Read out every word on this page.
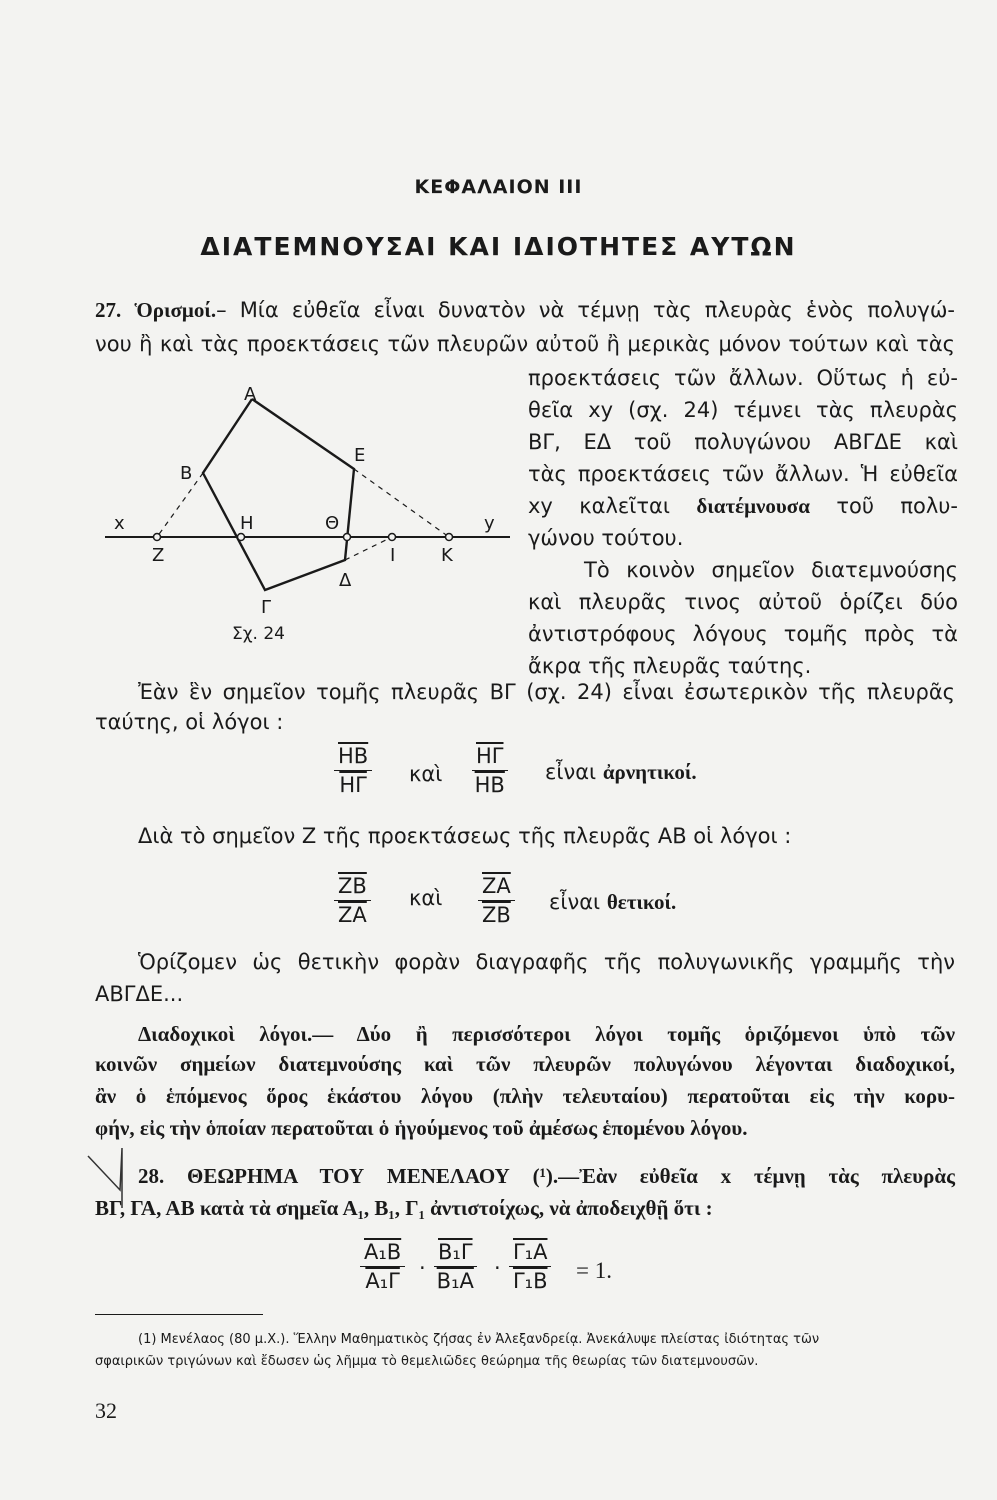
ΚΕΦΑΛΑΙΟΝ III
ΔΙΑΤΕΜΝΟΥΣΑΙ ΚΑΙ ΙΔΙΟΤΗΤΕΣ ΑΥΤΩΝ
27. Ὁρισμοί.– Μία εὐθεῖα εἶναι δυνατὸν νὰ τέμνῃ τὰς πλευρὰς ἑνὸς πολυγώ-
νου ἢ καὶ τὰς προεκτάσεις τῶν πλευρῶν αὐτοῦ ἢ μερικὰς μόνον τούτων καὶ τὰς
προεκτάσεις τῶν ἄλλων. Οὕτως ἡ εὐ-
θεῖα xy (σχ. 24) τέμνει τὰς πλευρὰς
ΒΓ, ΕΔ τοῦ πολυγώνου ΑΒΓΔΕ καὶ
τὰς προεκτάσεις τῶν ἄλλων. Ἡ εὐθεῖα
xy καλεῖται διατέμνουσα τοῦ πολυ-
γώνου τούτου.
Τὸ κοινὸν σημεῖον διατεμνούσης
καὶ πλευρᾶς τινος αὐτοῦ ὁρίζει δύο
ἀντιστρόφους λόγους τομῆς πρὸς τὰ
ἄκρα τῆς πλευρᾶς ταύτης.
Α
Β
Γ
Δ
Ε
Ζ
Η	Θ
Ι	Κ
x	y
Σχ. 24
Ἐὰν ἓν σημεῖον τομῆς πλευρᾶς ΒΓ (σχ. 24) εἶναι ἐσωτερικὸν τῆς πλευρᾶς
ταύτης, οἱ λόγοι :
$\frac{\overline{HB}}{H\Gamma}$ καὶ $\frac{\overline{H\Gamma}}{HB}$ εἶναι ἀρνητικοί.
Διὰ τὸ σημεῖον Ζ τῆς προεκτάσεως τῆς πλευρᾶς ΑΒ οἱ λόγοι :
$\frac{\overline{ZB}}{ZA}$ καὶ $\frac{\overline{ZA}}{ZB}$ εἶναι θετικοί.
Ὁρίζομεν ὡς θετικὴν φορὰν διαγραφῆς τῆς πολυγωνικῆς γραμμῆς τὴν
ΑΒΓΔΕ...
Διαδοχικοὶ λόγοι.— Δύο ἢ περισσότεροι λόγοι τομῆς ὁριζόμενοι ὑπὸ τῶν
κοινῶν σημείων διατεμνούσης καὶ τῶν πλευρῶν πολυγώνου λέγονται διαδοχικοί,
ἂν ὁ ἑπόμενος ὅρος ἑκάστου λόγου (πλὴν τελευταίου) περατοῦται εἰς τὴν κορυ-
φήν, εἰς τὴν ὁποίαν περατοῦται ὁ ἡγούμενος τοῦ ἀμέσως ἑπομένου λόγου.
28. ΘΕΩΡΗΜΑ ΤΟΥ ΜΕΝΕΛΑΟΥ (¹).—Ἐὰν εὐθεῖα x τέμνῃ τὰς πλευρὰς
ΒΓ, ΓΑ, ΑΒ κατὰ τὰ σημεῖα Α₁, Β₁, Γ₁ ἀντιστοίχως, νὰ ἀποδειχθῇ ὅτι :
$\frac{\text{Α₁Β}}{\text{Α₁Γ}} \cdot \frac{\text{Β₁Γ}}{\text{Β₁Α}} \cdot \frac{\text{Γ₁Α}}{\text{Γ₁Β}} = 1$.
(1) Μενέλαος (80 μ.Χ.). Ἕλλην Μαθηματικὸς ζήσας ἐν Ἀλεξανδρείᾳ. Ἀνεκάλυψε πλείστας ἰδιότητας τῶν
σφαιρικῶν τριγώνων καὶ ἔδωσεν ὡς λῆμμα τὸ θεμελιῶδες θεώρημα τῆς θεωρίας τῶν διατεμνουσῶν.
32
